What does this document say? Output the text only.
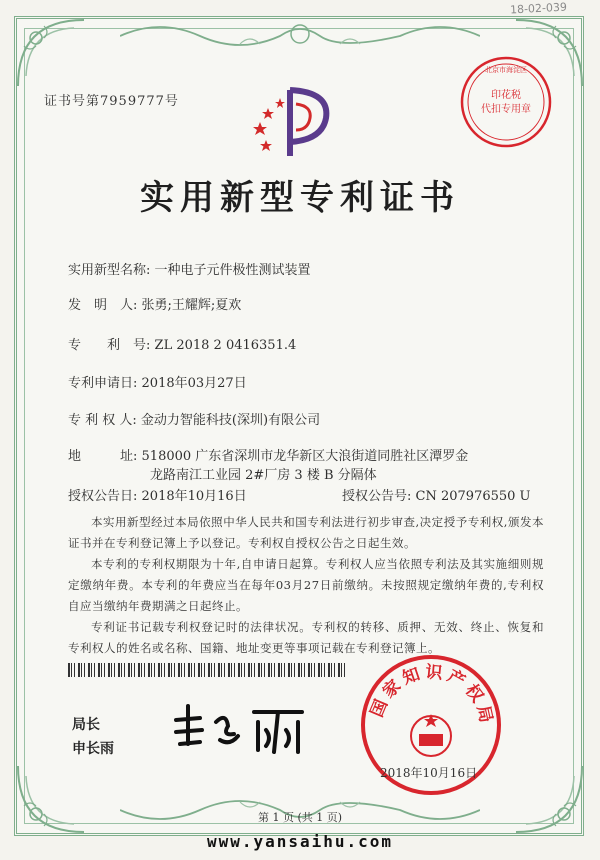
18-02-039
证书号第7959777号	印花税
代扣专用章
北京市海淀区
实用新型专利证书
实用新型名称: 一种电子元件极性测试装置
发　明　人: 张勇;王耀辉;夏欢
专　　利　号: ZL 2018 2 0416351.4
专利申请日: 2018年03月27日
专 利 权 人: 金动力智能科技(深圳)有限公司
地　　　址: 518000 广东省深圳市龙华新区大浪街道同胜社区潭罗金
龙路南江工业园 2#厂房 3 楼 B 分隔体
授权公告日: 2018年10月16日	授权公告号: CN 207976550 U

本实用新型经过本局依照中华人民共和国专利法进行初步审查,决定授予专利权,颁发本证书并在专利登记簿上予以登记。专利权自授权公告之日起生效。

本专利的专利权期限为十年,自申请日起算。专利权人应当依照专利法及其实施细则规定缴纳年费。本专利的年费应当在每年03月27日前缴纳。未按照规定缴纳年费的,专利权自应当缴纳年费期满之日起终止。

专利证书记载专利权登记时的法律状况。专利权的转移、质押、无效、终止、恢复和专利权人的姓名或名称、国籍、地址变更等事项记载在专利登记簿上。

局长
申长雨
国家知识产权局
2018年10月16日
第 1 页 (共 1 页)
www.yansaihu.com
